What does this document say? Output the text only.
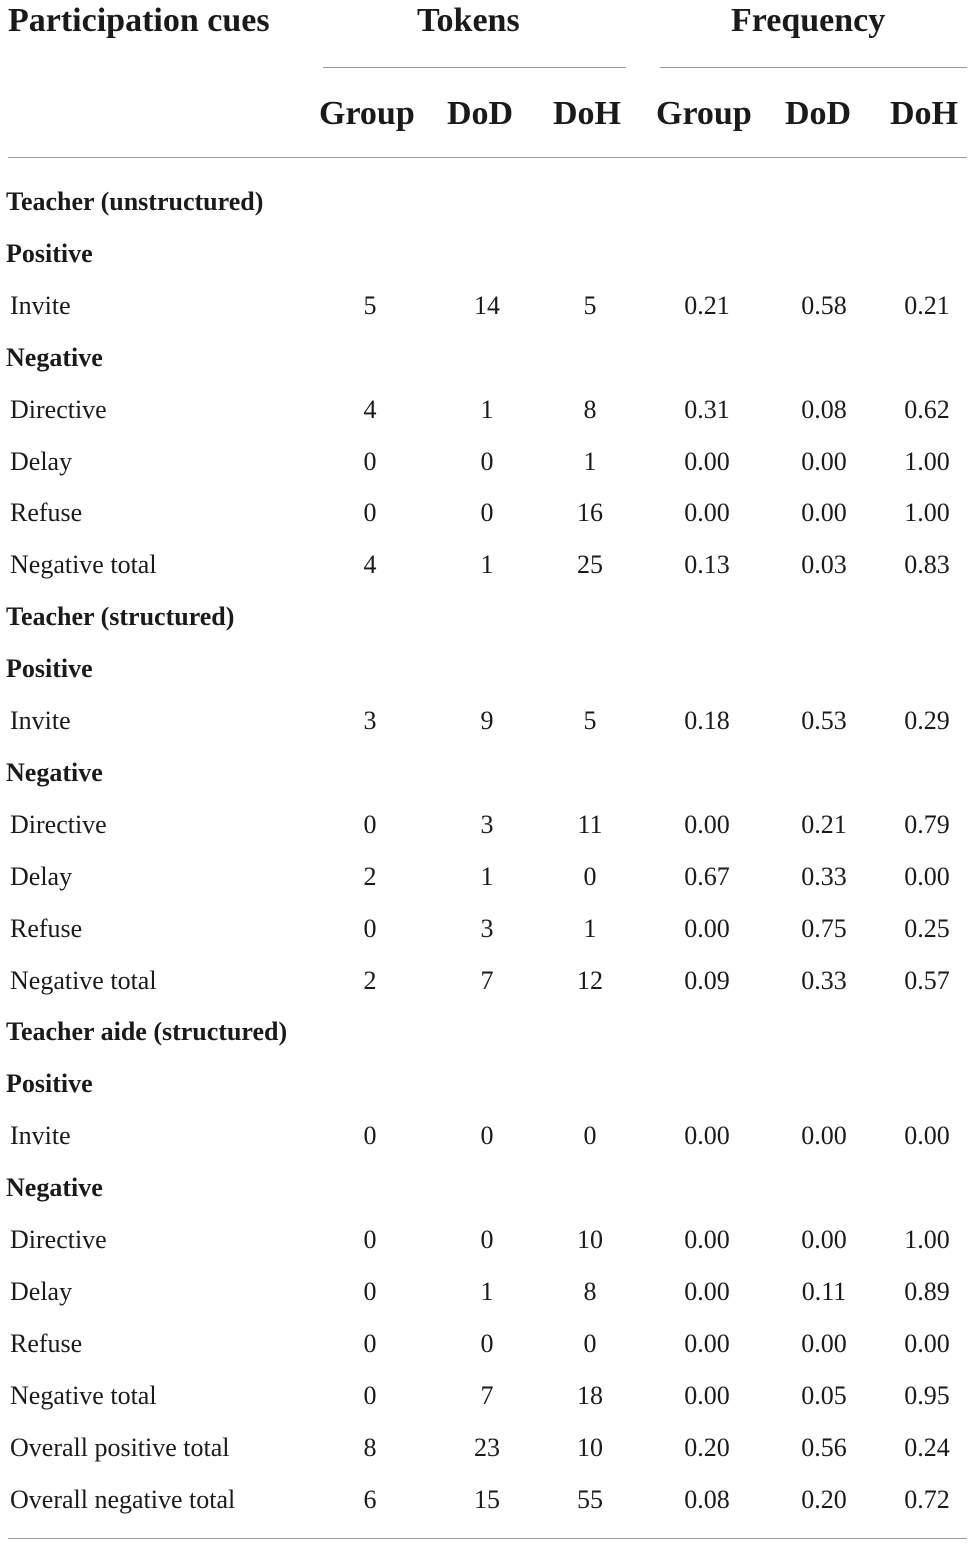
Participation cues	Tokens	Frequency
Group DoD DoH Group DoD DoH
Teacher (unstructured)
Positive
Invite	5	14	5	0.21	0.58	0.21
Negative
Directive	4	1	8	0.31	0.08	0.62
Delay	0	0	1	0.00	0.00	1.00
Refuse	0	0	16	0.00	0.00	1.00
Negative total	4	1	25	0.13	0.03	0.83
Teacher (structured)
Positive
Invite	3	9	5	0.18	0.53	0.29
Negative
Directive	0	3	11	0.00	0.21	0.79
Delay	2	1	0	0.67	0.33	0.00
Refuse	0	3	1	0.00	0.75	0.25
Negative total	2	7	12	0.09	0.33	0.57
Teacher aide (structured)
Positive
Invite	0	0	0	0.00	0.00	0.00
Negative
Directive	0	0	10	0.00	0.00	1.00
Delay	0	1	8	0.00	0.11	0.89
Refuse	0	0	0	0.00	0.00	0.00
Negative total	0	7	18	0.00	0.05	0.95
Overall positive total	8	23	10	0.20	0.56	0.24
Overall negative total	6	15	55	0.08	0.20	0.72
